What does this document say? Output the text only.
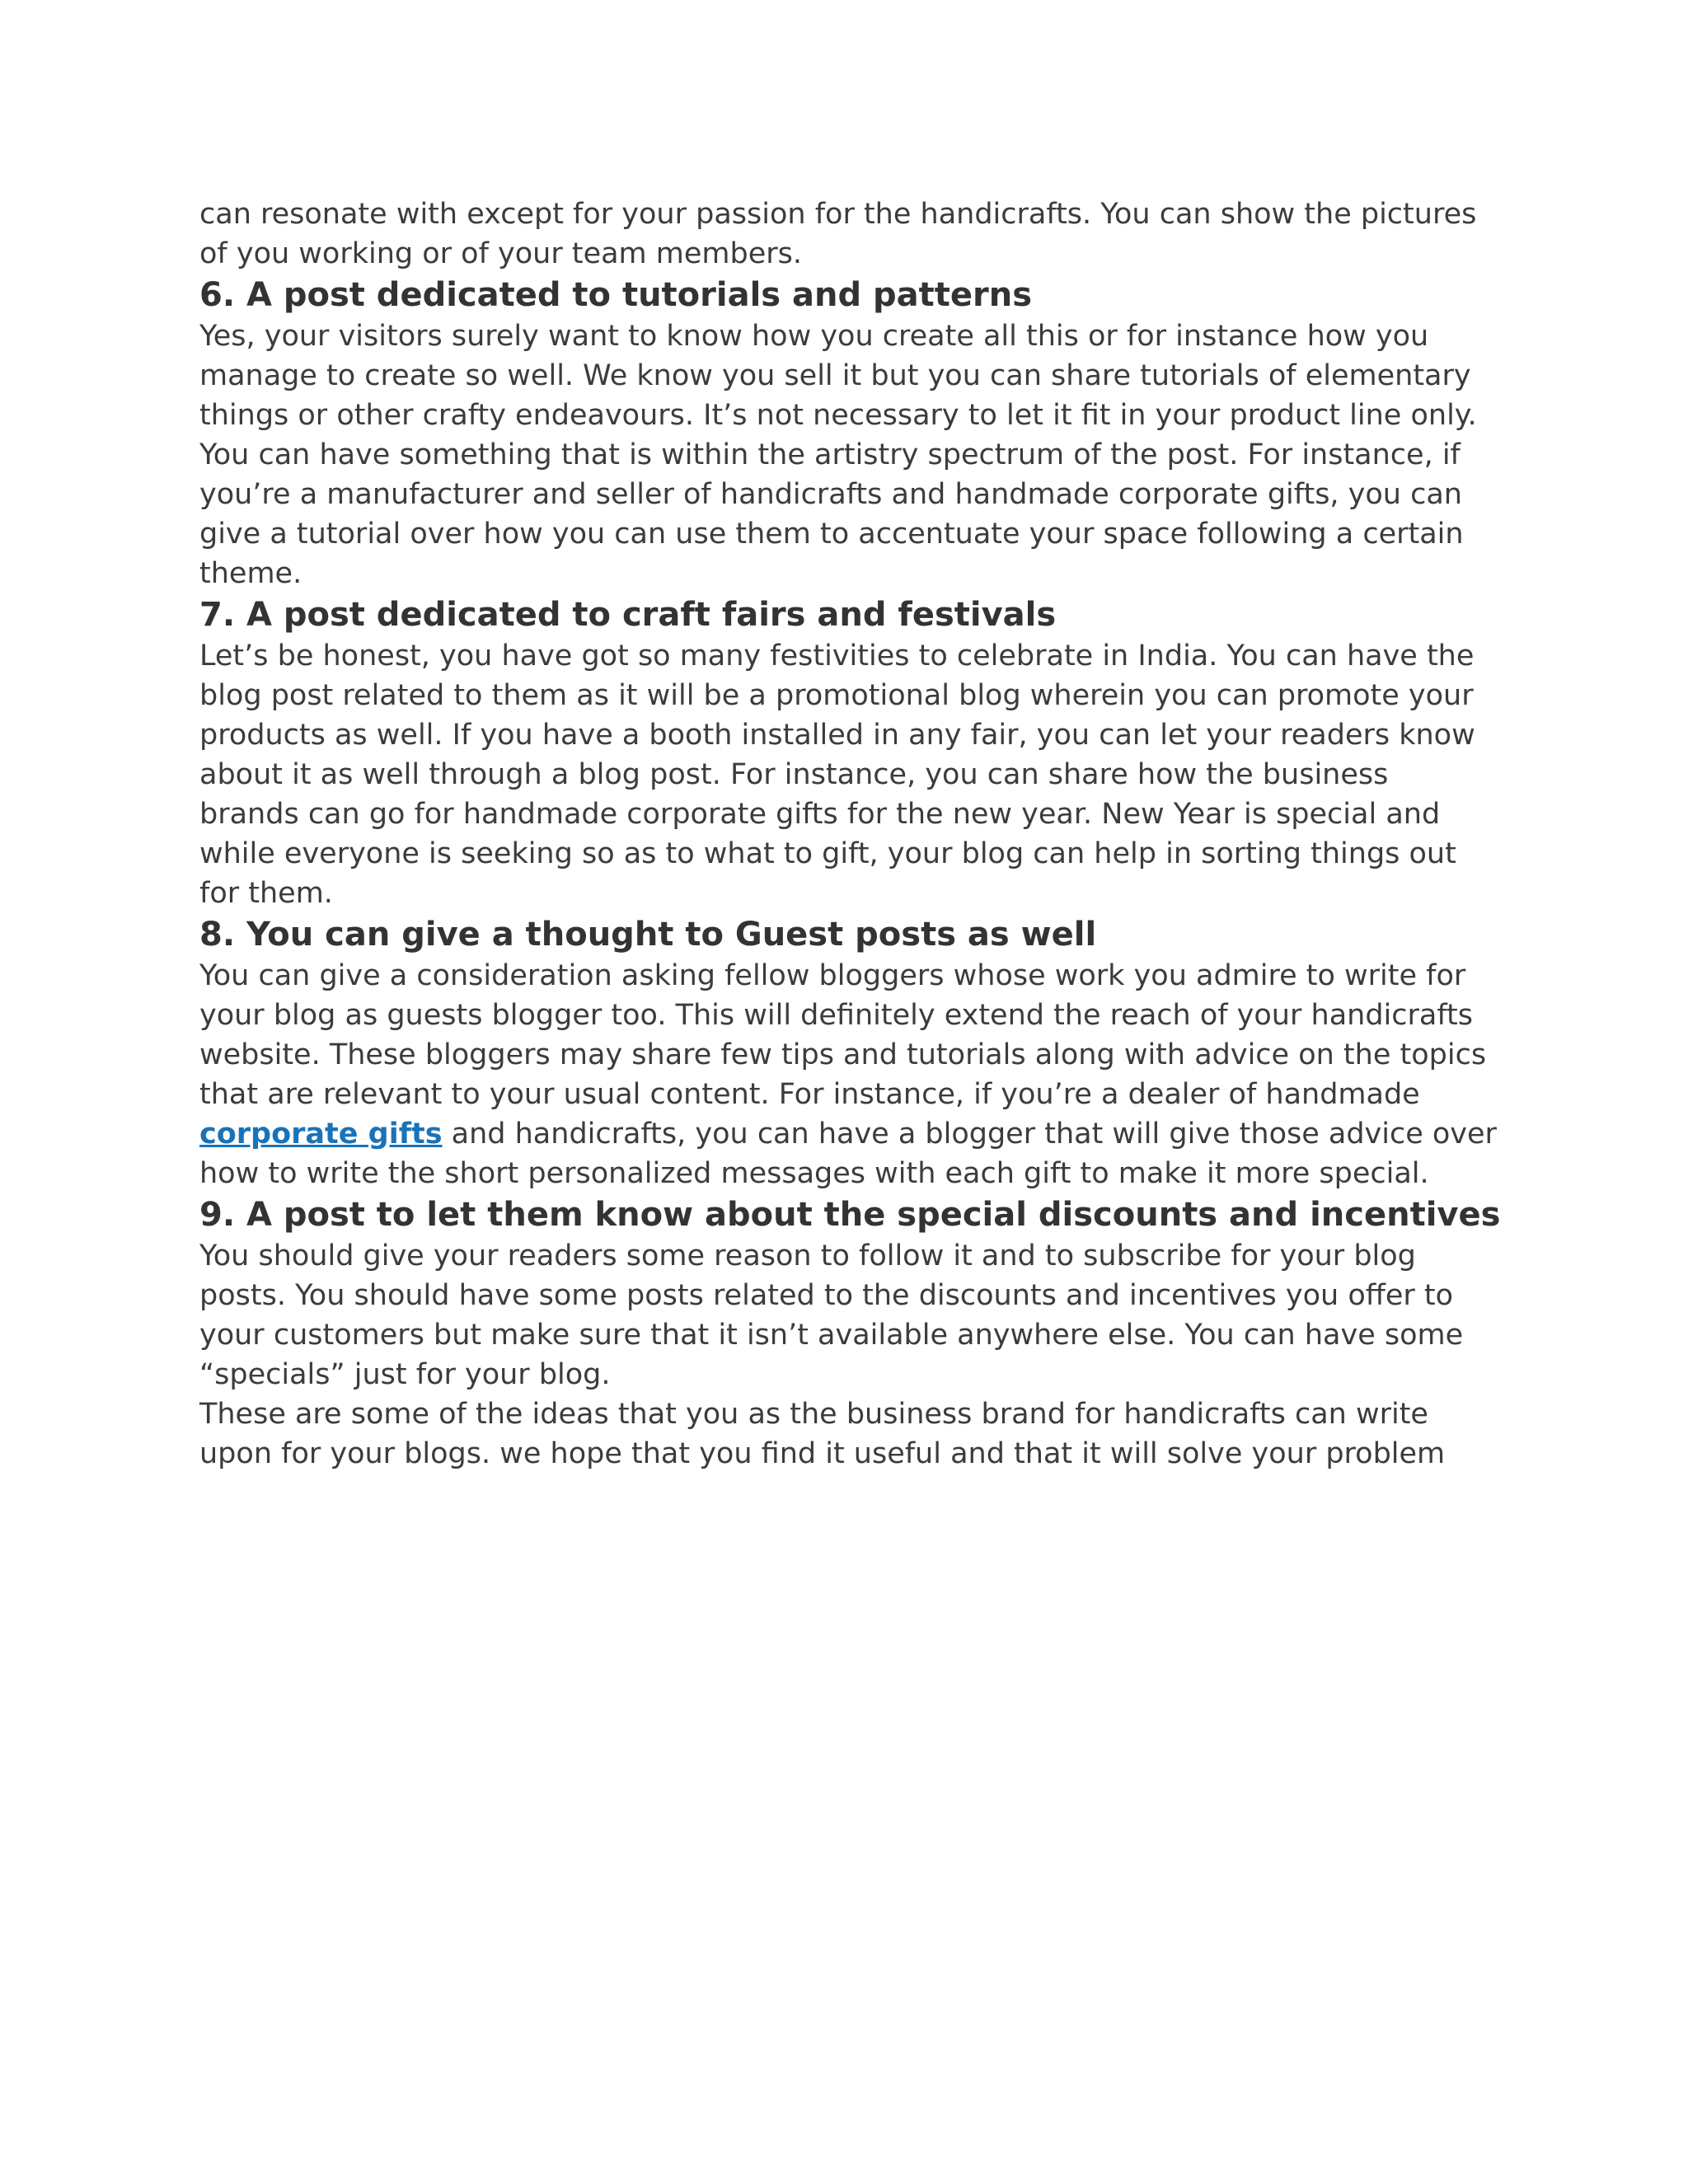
can resonate with except for your passion for the handicrafts. You can show the pictures
of you working or of your team members.

6. A post dedicated to tutorials and patterns

Yes, your visitors surely want to know how you create all this or for instance how you
manage to create so well. We know you sell it but you can share tutorials of elementary
things or other crafty endeavours. It’s not necessary to let it fit in your product line only.
You can have something that is within the artistry spectrum of the post. For instance, if
you’re a manufacturer and seller of handicrafts and handmade corporate gifts, you can
give a tutorial over how you can use them to accentuate your space following a certain
theme.

7. A post dedicated to craft fairs and festivals

Let’s be honest, you have got so many festivities to celebrate in India. You can have the
blog post related to them as it will be a promotional blog wherein you can promote your
products as well. If you have a booth installed in any fair, you can let your readers know
about it as well through a blog post. For instance, you can share how the business
brands can go for handmade corporate gifts for the new year. New Year is special and
while everyone is seeking so as to what to gift, your blog can help in sorting things out
for them.

8. You can give a thought to Guest posts as well

You can give a consideration asking fellow bloggers whose work you admire to write for
your blog as guests blogger too. This will definitely extend the reach of your handicrafts
website. These bloggers may share few tips and tutorials along with advice on the topics
that are relevant to your usual content. For instance, if you’re a dealer of handmade
corporate gifts and handicrafts, you can have a blogger that will give those advice over
how to write the short personalized messages with each gift to make it more special.

9. A post to let them know about the special discounts and incentives

You should give your readers some reason to follow it and to subscribe for your blog
posts. You should have some posts related to the discounts and incentives you offer to
your customers but make sure that it isn’t available anywhere else. You can have some
“specials” just for your blog.

These are some of the ideas that you as the business brand for handicrafts can write
upon for your blogs. we hope that you find it useful and that it will solve your problem
